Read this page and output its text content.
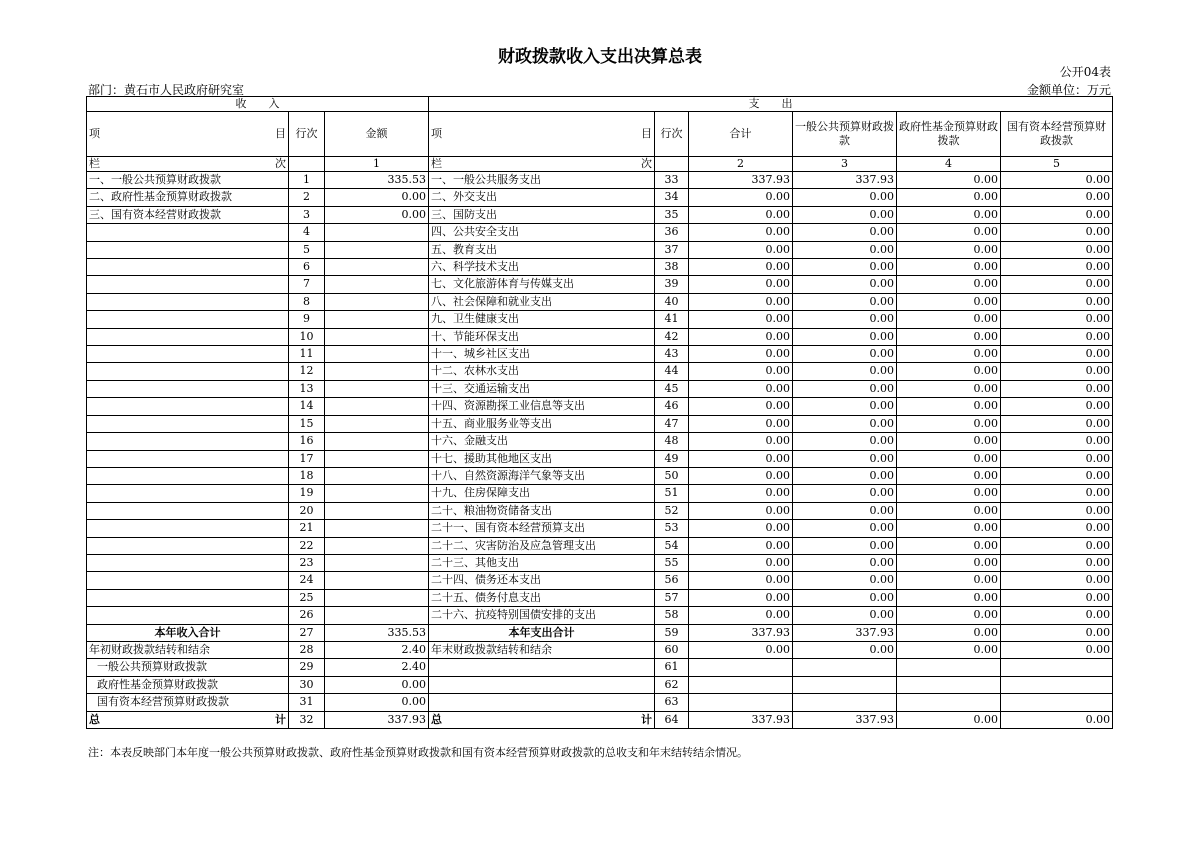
财政拨款收入支出决算总表
公开04表
部门：黄石市人民政府研究室	金额单位：万元
收　　入			支　　出					

项 目	行次	金额	项 目	行次	合计	一般公共预算财政拨款	政府性基金预算财政拨款	国有资本经营预算财政拨款

栏 次		1	栏 次		2	3	4	5
一、一般公共预算财政拨款	1	335.53	一、一般公共服务支出	33	337.93	337.93	0.00	0.00
二、政府性基金预算财政拨款	2	0.00	二、外交支出	34	0.00	0.00	0.00	0.00
三、国有资本经营财政拨款	3	0.00	三、国防支出	35	0.00	0.00	0.00	0.00
	4		四、公共安全支出	36	0.00	0.00	0.00	0.00
	5		五、教育支出	37	0.00	0.00	0.00	0.00
	6		六、科学技术支出	38	0.00	0.00	0.00	0.00
	7		七、文化旅游体育与传媒支出	39	0.00	0.00	0.00	0.00
	8		八、社会保障和就业支出	40	0.00	0.00	0.00	0.00
	9		九、卫生健康支出	41	0.00	0.00	0.00	0.00
	10		十、节能环保支出	42	0.00	0.00	0.00	0.00
	11		十一、城乡社区支出	43	0.00	0.00	0.00	0.00
	12		十二、农林水支出	44	0.00	0.00	0.00	0.00
	13		十三、交通运输支出	45	0.00	0.00	0.00	0.00
	14		十四、资源勘探工业信息等支出	46	0.00	0.00	0.00	0.00
	15		十五、商业服务业等支出	47	0.00	0.00	0.00	0.00
	16		十六、金融支出	48	0.00	0.00	0.00	0.00
	17		十七、援助其他地区支出	49	0.00	0.00	0.00	0.00
	18		十八、自然资源海洋气象等支出	50	0.00	0.00	0.00	0.00
	19		十九、住房保障支出	51	0.00	0.00	0.00	0.00
	20		二十、粮油物资储备支出	52	0.00	0.00	0.00	0.00
	21		二十一、国有资本经营预算支出	53	0.00	0.00	0.00	0.00
	22		二十二、灾害防治及应急管理支出	54	0.00	0.00	0.00	0.00
	23		二十三、其他支出	55	0.00	0.00	0.00	0.00
	24		二十四、债务还本支出	56	0.00	0.00	0.00	0.00
	25		二十五、债务付息支出	57	0.00	0.00	0.00	0.00
	26		二十六、抗疫特别国债安排的支出	58	0.00	0.00	0.00	0.00
本年收入合计	27	335.53	本年支出合计	59	337.93	337.93	0.00	0.00
年初财政拨款结转和结余	28	2.40	年末财政拨款结转和结余	60	0.00	0.00	0.00	0.00
一般公共预算财政拨款	29	2.40		61				
政府性基金预算财政拨款	30	0.00		62				
国有资本经营预算财政拨款	31	0.00		63				

总 计	32	337.93	总 计	64	337.93	337.93	0.00	0.00
注：本表反映部门本年度一般公共预算财政拨款、政府性基金预算财政拨款和国有资本经营预算财政拨款的总收支和年末结转结余情况。
